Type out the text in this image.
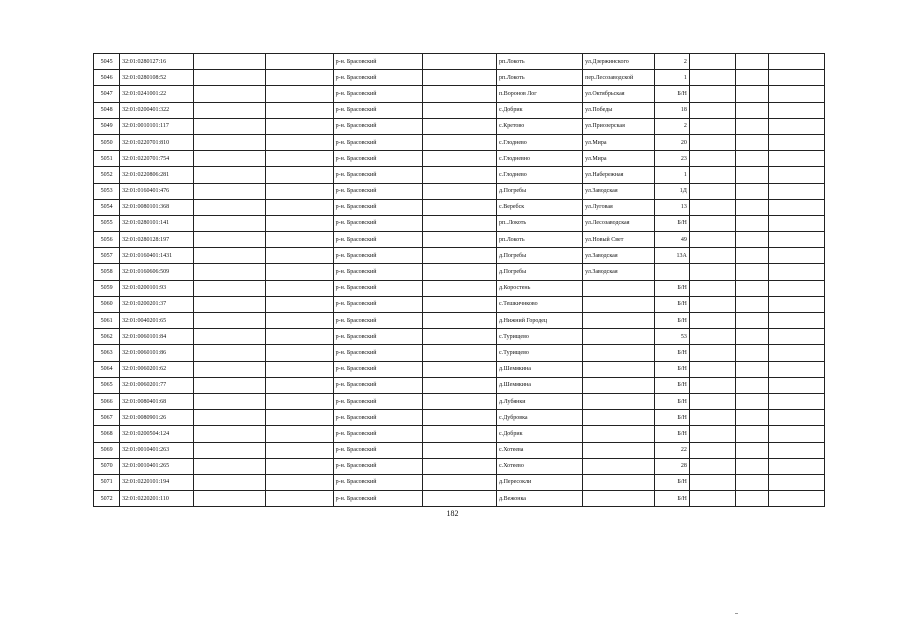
5045	32:01:0280127:16			р-н. Брасовский		рп.Локоть	ул.Дзержинского	2			
5046	32:01:0280108:52			р-н. Брасовский		рп.Локоть	пер.Лесозаводской	1			
5047	32:01:0241001:22			р-н. Брасовский		п.Воронов Лог	ул.Октябрьская	Б/Н			
5048	32:01:0200401:322			р-н. Брасовский		с.Добрик	ул.Победы	18			
5049	32:01:0010101:117			р-н. Брасовский		с.Кретово	ул.Приозерская	2			
5050	32:01:0220701:810			р-н. Брасовский		с.Глоднево	ул.Мира	20			
5051	32:01:0220701:754			р-н. Брасовский		с.Глодневно	ул.Мира	23			
5052	32:01:0220806:281			р-н. Брасовский		с.Глоднево	ул.Набережная	1			
5053	32:01:0160401:476			р-н. Брасовский		д.Погребы	ул.Заводская	1Д			
5054	32:01:0080101:368			р-н. Брасовский		с.Веребск	ул.Луговая	13			
5055	32:01:0280101:141			р-н. Брасовский		рп..Локоть	ул.Лесозаводская	Б/Н			
5056	32:01:0280128:197			р-н. Брасовский		рп.Локоть	ул.Новый Свет	49			
5057	32:01:0160401:1431			р-н. Брасовский		д.Погребы	ул.Заводская	13А			
5058	32:01:0160606:509			р-н. Брасовский		д.Погребы	ул.Заводская				
5059	32:01:0200101:93			р-н. Брасовский		д.Коростень		Б/Н			
5060	32:01:0200201:37			р-н. Брасовский		с.Тешкичнково		Б/Н			
5061	32:01:0040201:65			р-н. Брасовский		д.Нижний Городец		Б/Н			
5062	32:01:0060101:84			р-н. Брасовский		с.Турищево		53			
5063	32:01:0060101:86			р-н. Брасовский		с.Турищево		Б/Н			
5064	32:01:0060201:62			р-н. Брасовский		д.Шемякина		Б/Н			
5065	32:01:0060201:77			р-н. Брасовский		д.Шемякина		Б/Н			
5066	32:01:0080401:68			р-н. Брасовский		д.Лубянки		Б/Н			
5067	32:01:0080901:26			р-н. Брасовский		с.Дубровка		Б/Н			
5068	32:01:0200504:124			р-н. Брасовский		с.Добрик		Б/Н			
5069	32:01:0010401:263			р-н. Брасовский		с.Хотеева		22			
5070	32:01:0010401:265			р-н. Брасовский		с.Хотеево		28			
5071	32:01:0220101:194			р-н. Брасовский		д.Пересокли		Б/Н			
5072	32:01:0220201:110			р-н. Брасовский		д.Вежонка		Б/Н			
182
